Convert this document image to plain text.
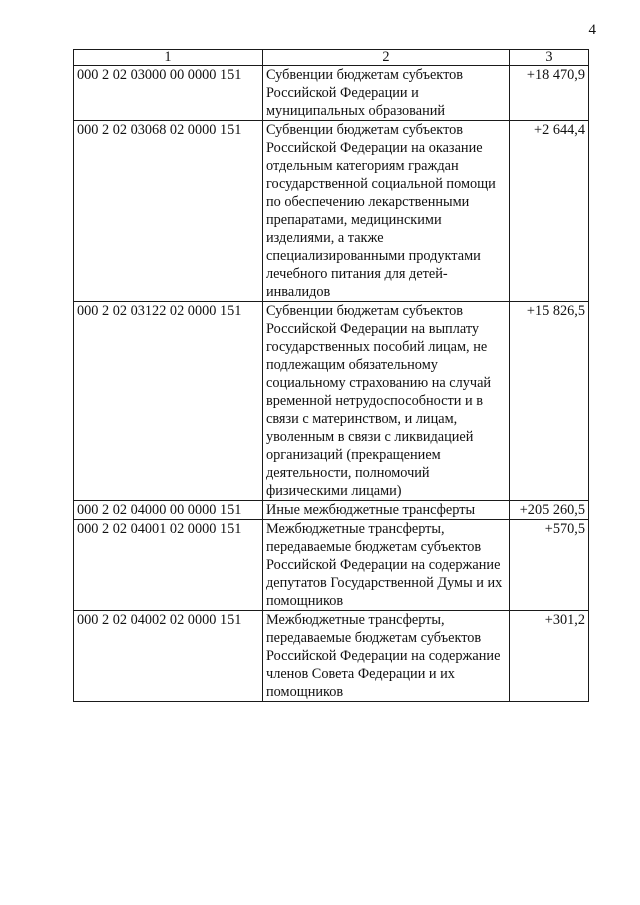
4
1	2	3
000 2 02 03000 00 0000 151	Субвенции бюджетам субъектов Российской Федерации и муниципальных образований	+18 470,9
000 2 02 03068 02 0000 151	Субвенции бюджетам субъектов Российской Федерации на оказание отдельным категориям граждан государственной социальной помощи по обеспечению лекарственными препаратами, медицинскими изделиями, а также специализированными продуктами лечебного питания для детей-инвалидов	+2 644,4
000 2 02 03122 02 0000 151	Субвенции бюджетам субъектов Российской Федерации на выплату государственных пособий лицам, не подлежащим обязательному социальному страхованию на случай временной нетрудоспособности и в связи с материнством, и лицам, уволенным в связи с ликвидацией организаций (прекращением деятельности, полномочий физическими лицами)	+15 826,5
000 2 02 04000 00 0000 151	Иные межбюджетные трансферты	+205 260,5
000 2 02 04001 02 0000 151	Межбюджетные трансферты, передаваемые бюджетам субъектов Российской Федерации на содержание депутатов Государственной Думы и их помощников	+570,5
000 2 02 04002 02 0000 151	Межбюджетные трансферты, передаваемые бюджетам субъектов Российской Федерации на содержание членов Совета Федерации и их помощников	+301,2
